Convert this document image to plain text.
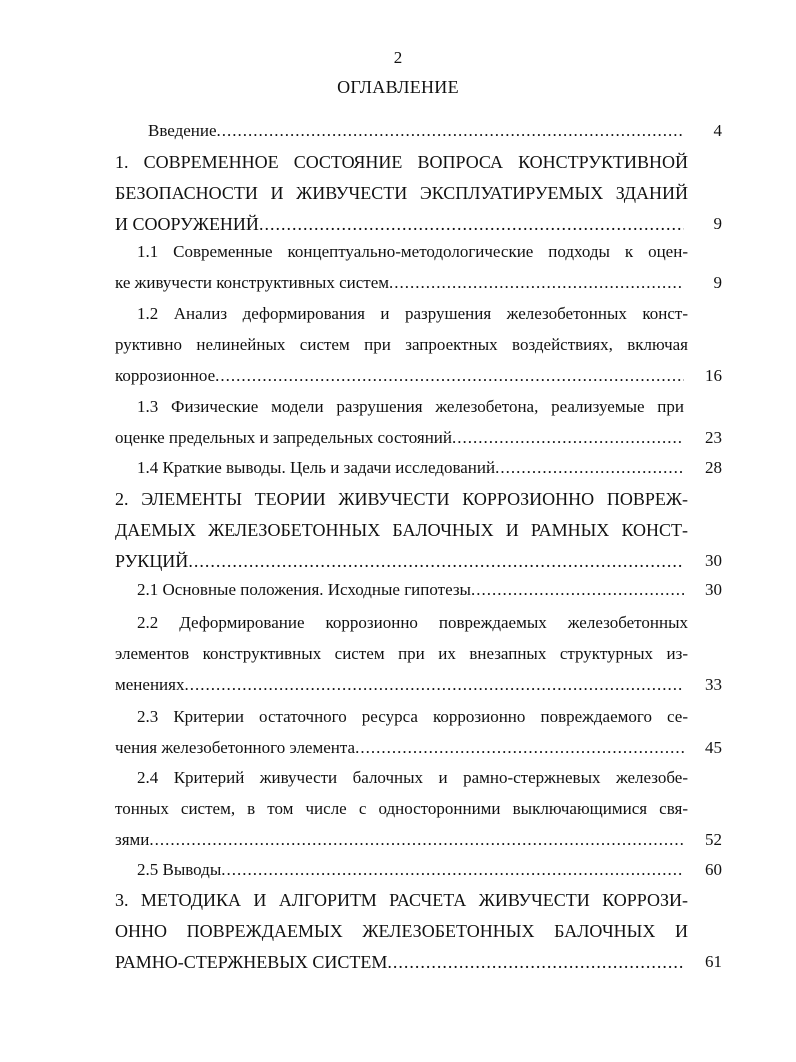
2
ОГЛАВЛЕНИЕ
Введение .....	4
1. СОВРЕМЕННОЕ СОСТОЯНИЕ ВОПРОСА КОНСТРУКТИВНОЙ
БЕЗОПАСНОСТИ И ЖИВУЧЕСТИ ЭКСПЛУАТИРУЕМЫХ ЗДАНИЙ
И СООРУЖЕНИЙ .....	9
1.1 Современные концептуально-методологические подходы к оцен-
ке живучести конструктивных систем .....	9
1.2 Анализ деформирования и разрушения железобетонных конст-
руктивно нелинейных систем при запроектных воздействиях, включая
коррозионное .....	16
1.3 Физические модели разрушения железобетона, реализуемые при
оценке предельных и запредельных состояний .....	23
1.4 Краткие выводы. Цель и задачи исследований .....	28
2. ЭЛЕМЕНТЫ ТЕОРИИ ЖИВУЧЕСТИ КОРРОЗИОННО ПОВРЕЖ-
ДАЕМЫХ ЖЕЛЕЗОБЕТОННЫХ БАЛОЧНЫХ И РАМНЫХ КОНСТ-
РУКЦИЙ .....	30
2.1 Основные положения. Исходные гипотезы .....	30
2.2 Деформирование коррозионно повреждаемых железобетонных
элементов конструктивных систем при их внезапных структурных из-
менениях .....	33
2.3 Критерии остаточного ресурса коррозионно повреждаемого се-
чения железобетонного элемента .....	45
2.4 Критерий живучести балочных и рамно-стержневых железобе-
тонных систем, в том числе с односторонними выключающимися свя-
зями .....	52
2.5 Выводы .....	60
3. МЕТОДИКА И АЛГОРИТМ РАСЧЕТА ЖИВУЧЕСТИ КОРРОЗИ-
ОННО ПОВРЕЖДАЕМЫХ ЖЕЛЕЗОБЕТОННЫХ БАЛОЧНЫХ И
РАМНО-СТЕРЖНЕВЫХ СИСТЕМ .....	61
